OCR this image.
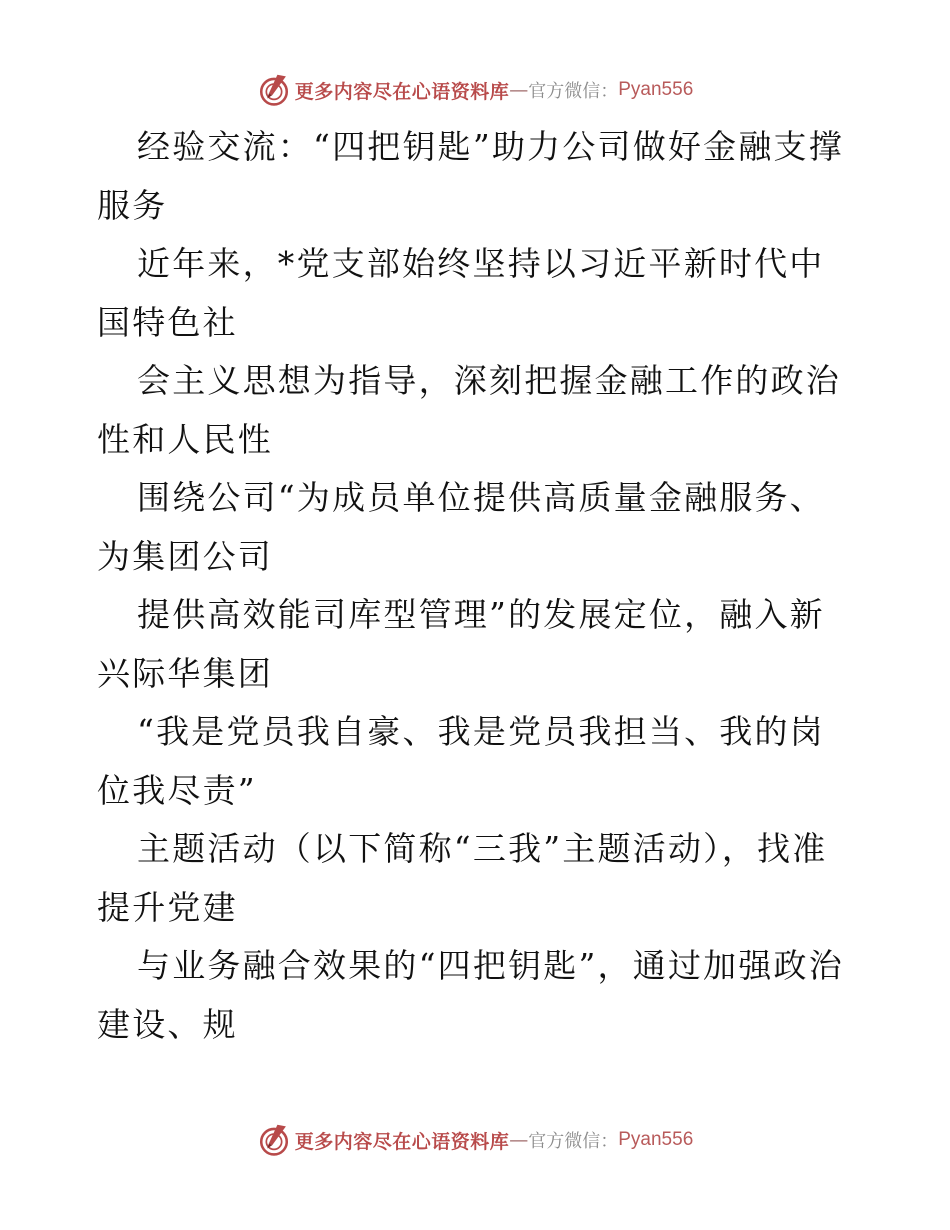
更多内容尽在心语资料库 — 官方微信： Pyan556

经验交流：“四把钥匙”助力公司做好金融支撑服务

近年来，*党支部始终坚持以习近平新时代中国特色社

会主义思想为指导，深刻把握金融工作的政治性和人民性

围绕公司“为成员单位提供高质量金融服务、为集团公司

提供高效能司库型管理”的发展定位，融入新兴际华集团

“我是党员我自豪、我是党员我担当、我的岗位我尽责”

主题活动（以下简称“三我”主题活动），找准提升党建

与业务融合效果的“四把钥匙”，通过加强政治建设、规

更多内容尽在心语资料库 — 官方微信： Pyan556
